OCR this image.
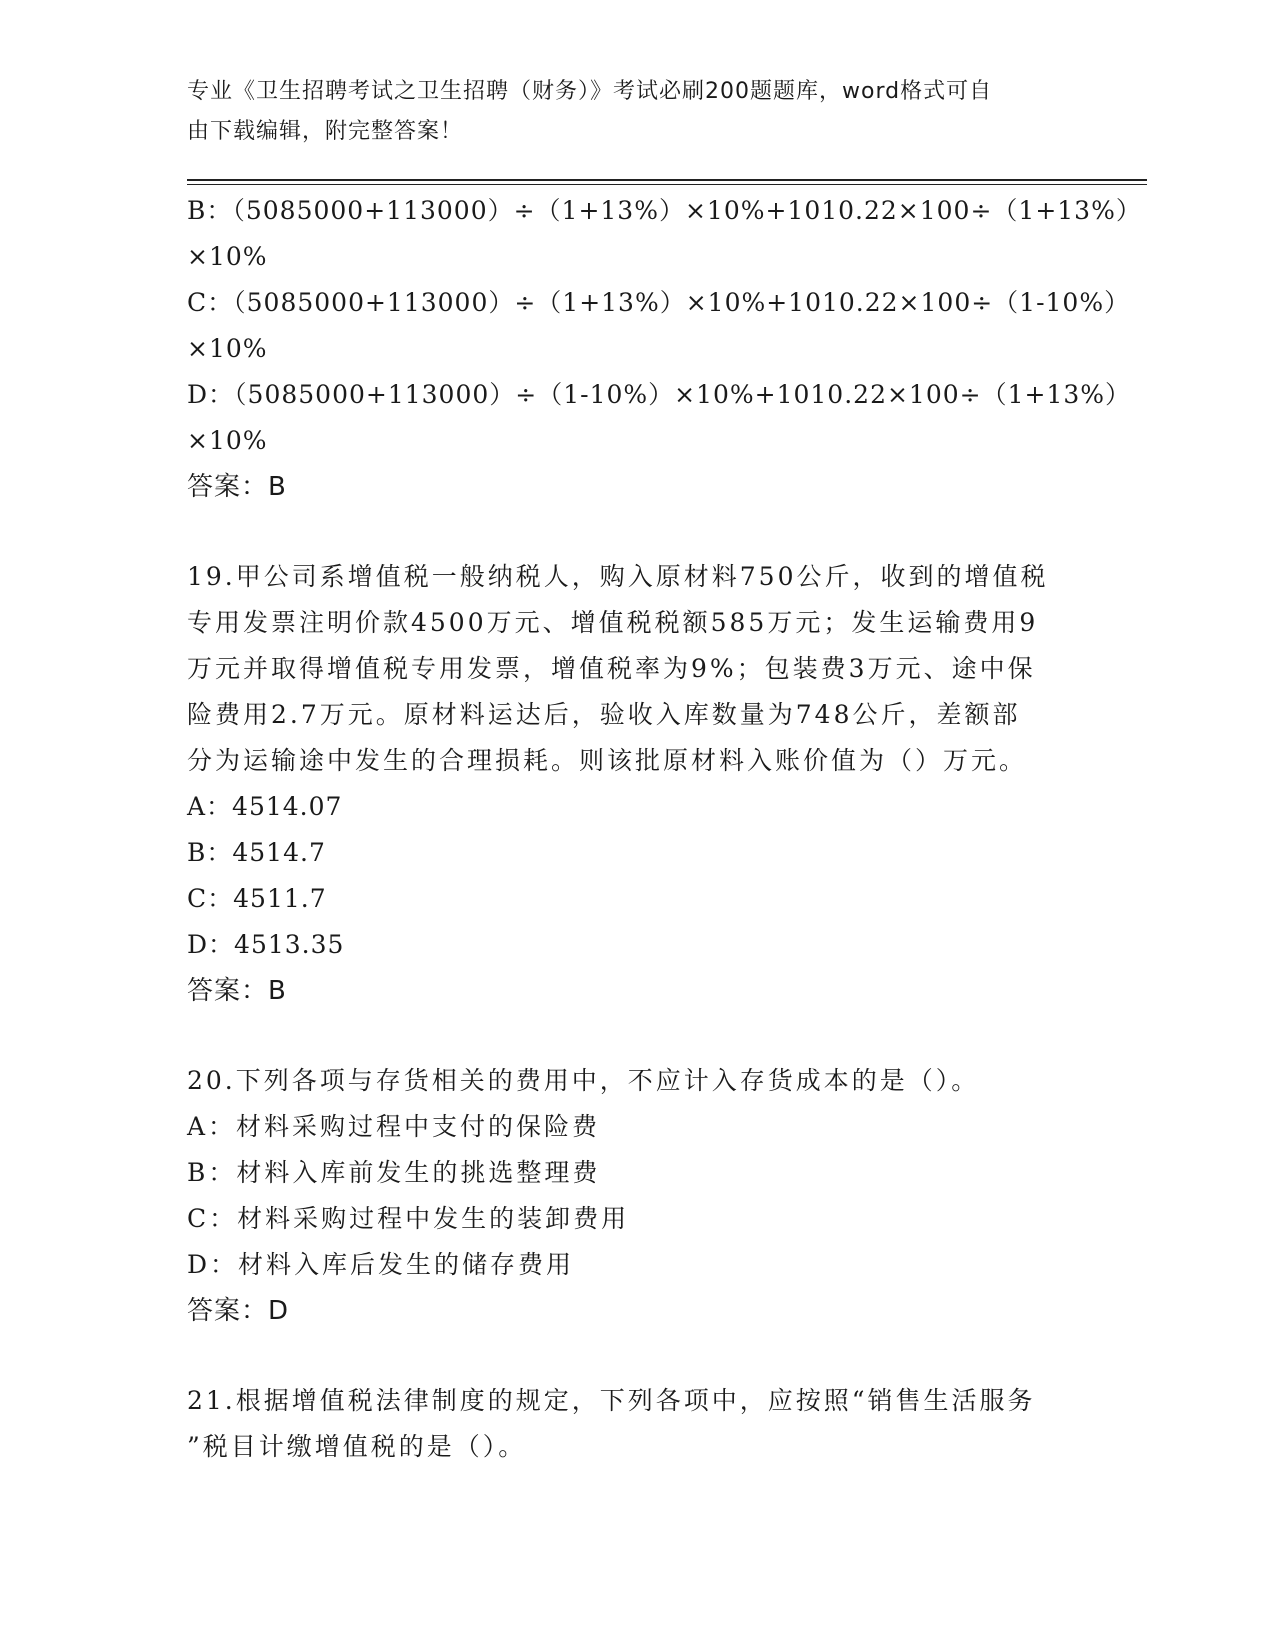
专业《卫生招聘考试之卫生招聘（财务）》考试必刷200题题库，word格式可自
由下载编辑，附完整答案！
B：（5085000+113000）÷（1+13%）×10%+1010.22×100÷（1+13%）
×10%
C：（5085000+113000）÷（1+13%）×10%+1010.22×100÷（1-10%）
×10%
D：（5085000+113000）÷（1-10%）×10%+1010.22×100÷（1+13%）
×10%
答案：B
19.甲公司系增值税一般纳税人，购入原材料750公斤，收到的增值税
专用发票注明价款4500万元、增值税税额585万元；发生运输费用9
万元并取得增值税专用发票，增值税率为9%；包装费3万元、途中保
险费用2.7万元。原材料运达后，验收入库数量为748公斤，差额部
分为运输途中发生的合理损耗。则该批原材料入账价值为（）万元。
A：4514.07
B：4514.7
C：4511.7
D：4513.35
答案：B
20.下列各项与存货相关的费用中，不应计入存货成本的是（）。
A：材料采购过程中支付的保险费
B：材料入库前发生的挑选整理费
C：材料采购过程中发生的装卸费用
D：材料入库后发生的储存费用
答案：D
21.根据增值税法律制度的规定，下列各项中，应按照“销售生活服务
”税目计缴增值税的是（）。
